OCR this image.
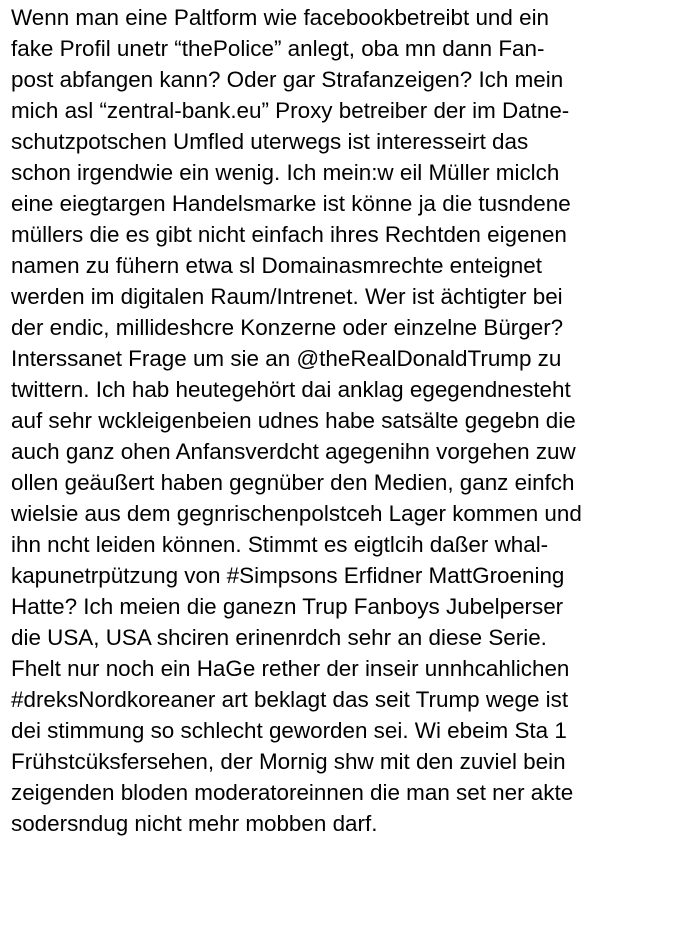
Wenn man eine Paltform wie facebookbetreibt und ein
fake Profil unetr “thePolice” anlegt, oba mn dann Fan-
post abfangen kann? Oder gar Strafanzeigen? Ich mein
mich asl “zentral-bank.eu” Proxy betreiber der im Datne-
schutzpotschen Umfled uterwegs ist interesseirt das
schon irgendwie ein wenig. Ich mein:w eil Müller miclch
eine eiegtargen Handelsmarke ist könne ja die tusndene
müllers die es gibt nicht einfach ihres Rechtden eigenen
namen zu fühern etwa sl Domainasmrechte enteignet
werden im digitalen Raum/Intrenet. Wer ist ächtigter bei
der endic, millideshcre Konzerne oder einzelne Bürger?
Interssanet Frage um sie an @theRealDonaldTrump zu
twittern. Ich hab heutegehört dai anklag egegendnesteht
auf sehr wckleigenbeien udnes habe satsälte gegebn die
auch ganz ohen Anfansverdcht agegenihn vorgehen zuw
ollen geäußert haben gegnüber den Medien, ganz einfch
wielsie aus dem gegnrischenpolstceh Lager kommen und
ihn ncht leiden können. Stimmt es eigtlcih daßer whal-
kapunetrpützung von #Simpsons Erfidner MattGroening
Hatte? Ich meien die ganezn Trup Fanboys Jubelperser
die USA, USA shciren erinenrdch sehr an diese Serie.
Fhelt nur noch ein HaGe rether der inseir unnhcahlichen
#dreksNordkoreaner art beklagt das seit Trump wege ist
dei stimmung so schlecht geworden sei. Wi ebeim Sta 1
Frühstcüksfersehen, der Mornig shw mit den zuviel bein
zeigenden bloden moderatoreinnen die man set ner akte
sodersndug nicht mehr mobben darf.
